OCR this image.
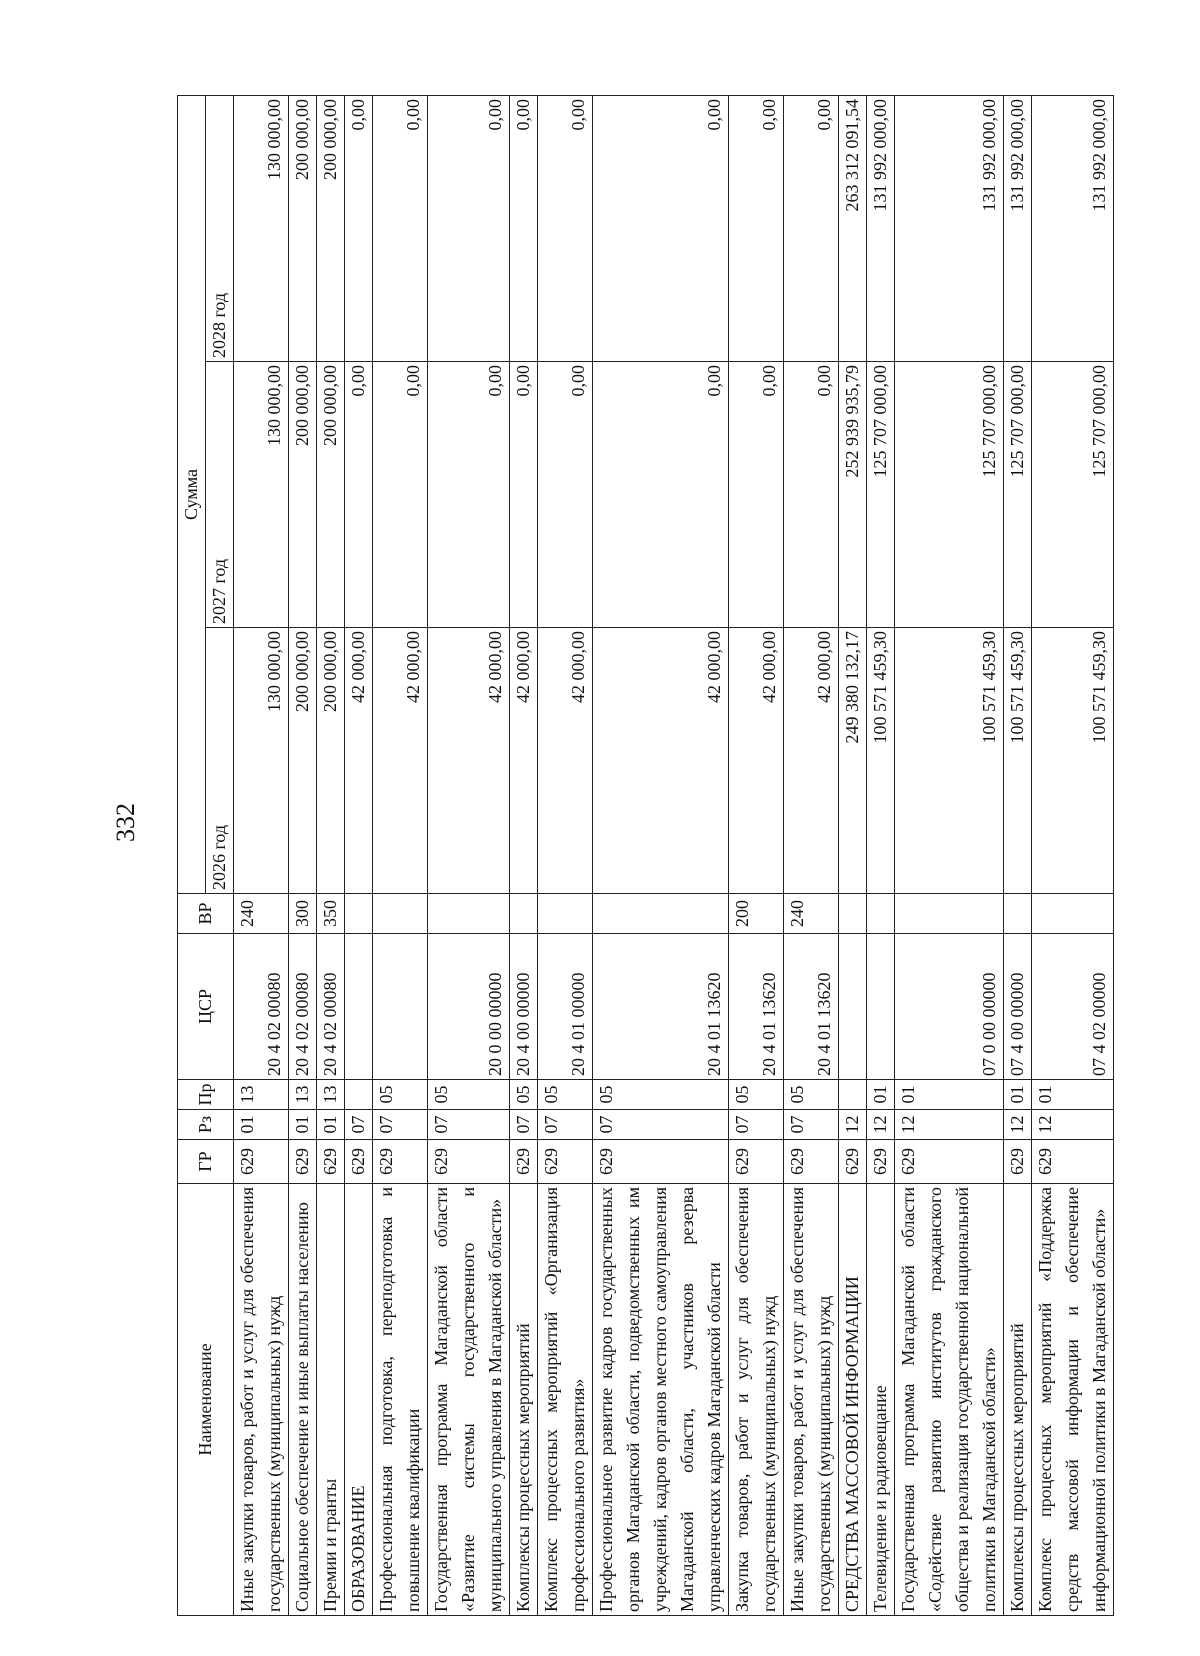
332
Наименование	ГР	Рз	Пр	ЦСР	ВР	Сумма		
						2026 год	2027 год	2028 год
Иные закупки товаров, работ и услуг для обеспечения государственных (муниципальных) нужд	629	01	13	20 4 02 00080	240	130 000,00	130 000,00	130 000,00
Социальное обеспечение и иные выплаты населению	629	01	13	20 4 02 00080	300	200 000,00	200 000,00	200 000,00
Премии и гранты	629	01	13	20 4 02 00080	350	200 000,00	200 000,00	200 000,00
ОБРАЗОВАНИЕ	629	07				42 000,00	0,00	0,00
Профессиональная подготовка, переподготовка и повышение квалификации	629	07	05			42 000,00	0,00	0,00
Государственная программа Магаданской области «Развитие системы государственного и муниципального управления в Магаданской области»	629	07	05	20 0 00 00000		42 000,00	0,00	0,00
Комплексы процессных мероприятий	629	07	05	20 4 00 00000		42 000,00	0,00	0,00
Комплекс процессных мероприятий «Организация профессионального развития»	629	07	05	20 4 01 00000		42 000,00	0,00	0,00
Профессиональное развитие кадров государственных органов Магаданской области, подведомственных им учреждений, кадров органов местного самоуправления Магаданской области, участников резерва управленческих кадров Магаданской области	629	07	05	20 4 01 13620		42 000,00	0,00	0,00
Закупка товаров, работ и услуг для обеспечения государственных (муниципальных) нужд	629	07	05	20 4 01 13620	200	42 000,00	0,00	0,00
Иные закупки товаров, работ и услуг для обеспечения государственных (муниципальных) нужд	629	07	05	20 4 01 13620	240	42 000,00	0,00	0,00
СРЕДСТВА МАССОВОЙ ИНФОРМАЦИИ	629	12				249 380 132,17	252 939 935,79	263 312 091,54
Телевидение и радиовещание	629	12	01			100 571 459,30	125 707 000,00	131 992 000,00
Государственная программа Магаданской области «Содействие развитию институтов гражданского общества и реализация государственной национальной политики в Магаданской области»	629	12	01	07 0 00 00000		100 571 459,30	125 707 000,00	131 992 000,00
Комплексы процессных мероприятий	629	12	01	07 4 00 00000		100 571 459,30	125 707 000,00	131 992 000,00
Комплекс процессных мероприятий «Поддержка средств массовой информации и обеспечение информационной политики в Магаданской области»	629	12	01	07 4 02 00000		100 571 459,30	125 707 000,00	131 992 000,00
